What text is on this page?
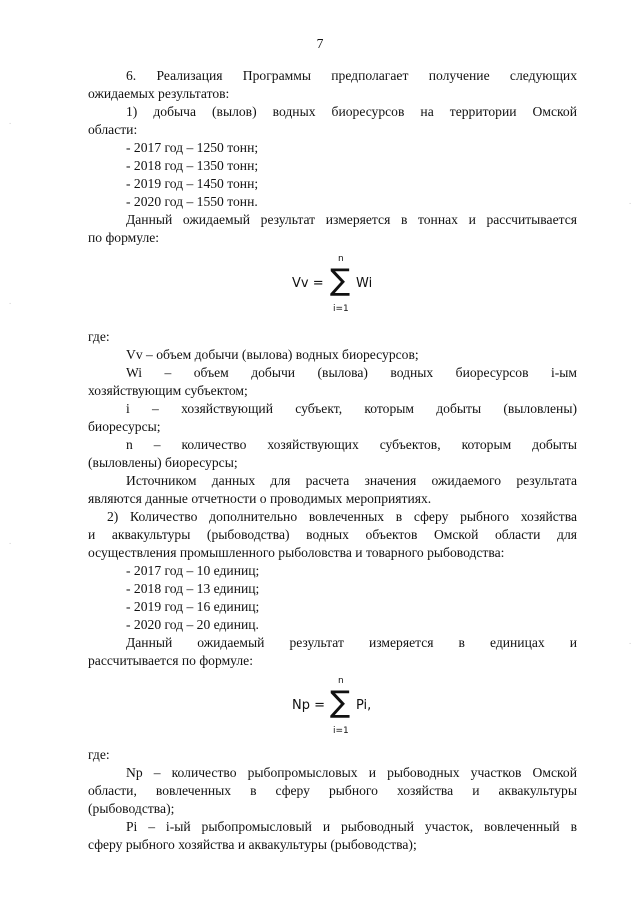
·
·
·
·
·
7
6. Реализация Программы предполагает получение следующих
ожидаемых результатов:
1) добыча (вылов) водных биоресурсов на территории Омской
области:
- 2017 год – 1250 тонн;
- 2018 год – 1350 тонн;
- 2019 год – 1450 тонн;
- 2020 год – 1550 тонн.
Данный ожидаемый результат измеряется в тоннах и рассчитывается
по формуле:
Vv =
n
∑
i=1
Wi
где:
Vv – объем добычи (вылова) водных биоресурсов;
Wi – объем добычи (вылова) водных биоресурсов i-ым
хозяйствующим субъектом;
i – хозяйствующий субъект, которым добыты (выловлены)
биоресурсы;
n – количество хозяйствующих субъектов, которым добыты
(выловлены) биоресурсы;
Источником данных для расчета значения ожидаемого результата
являются данные отчетности о проводимых мероприятиях.
2) Количество дополнительно вовлеченных в сферу рыбного хозяйства
и аквакультуры (рыбоводства) водных объектов Омской области для
осуществления промышленного рыболовства и товарного рыбоводства:
- 2017 год – 10 единиц;
- 2018 год – 13 единиц;
- 2019 год – 16 единиц;
- 2020 год – 20 единиц.
Данный ожидаемый результат измеряется в единицах и
рассчитывается по формуле:
Np =
n
∑
i=1
Pi,
где:
Np – количество рыбопромысловых и рыбоводных участков Омской
области, вовлеченных в сферу рыбного хозяйства и аквакультуры
(рыбоводства);
Pi – i-ый рыбопромысловый и рыбоводный участок, вовлеченный в
сферу рыбного хозяйства и аквакультуры (рыбоводства);
